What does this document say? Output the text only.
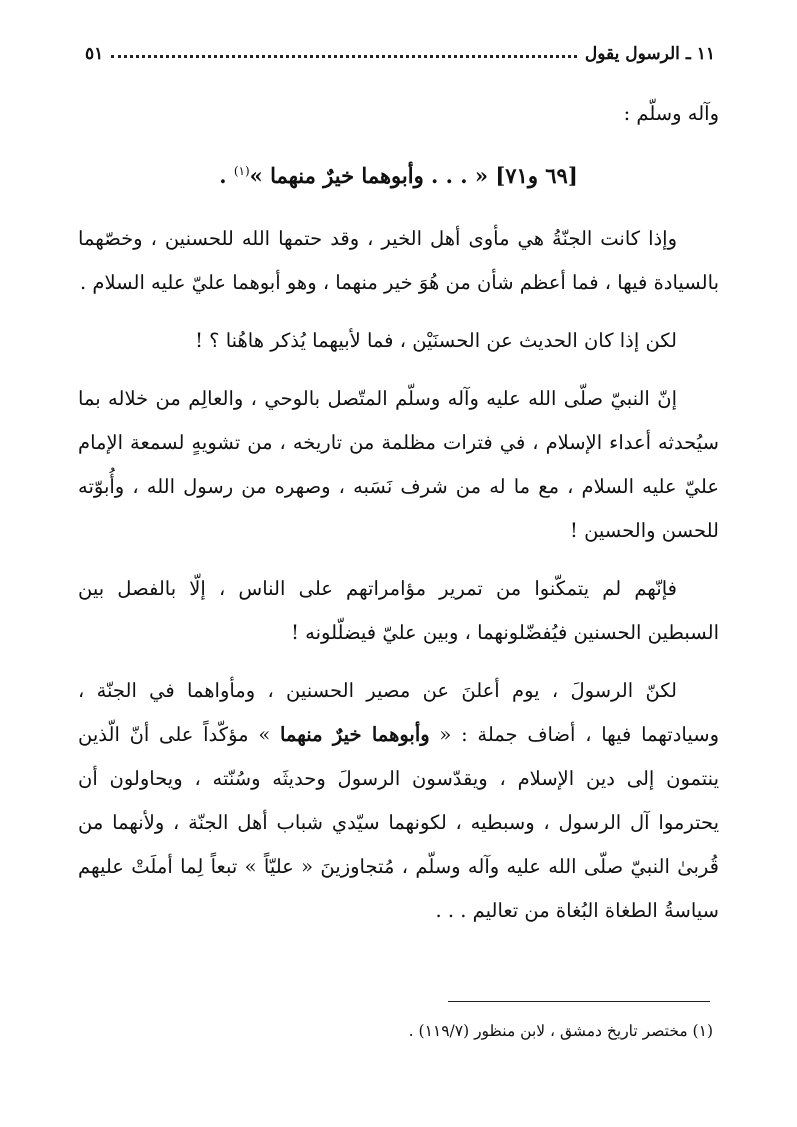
١١ ـ الرسول يقول
٥١

وآله وسلّم :

[٦٩ و٧١] « . . . وأبوهما خيرٌ منهما »$^{(١)}$ .

وإذا كانت الجنّةُ هي مأوى أهل الخير ، وقد حتمها الله للحسنين ، وخصّهما بالسيادة فيها ، فما أعظم شأن من هُوَ خير منهما ، وهو أبوهما عليّ عليه السلام .

لكن إذا كان الحديث عن الحسنَيْن ، فما لأبيهما يُذكر هاهُنا ؟ !

إنّ النبيّ صلّى الله عليه وآله وسلّم المتّصل بالوحي ، والعالِم من خلاله بما سيُحدثه أعداء الإسلام ، في فترات مظلمة من تاريخه ، من تشويهٍ لسمعة الإمام عليّ عليه السلام ، مع ما له من شرف نَسَبه ، وصهره من رسول الله ، وأُبوّته للحسن والحسين !

فإنّهم لم يتمكّنوا من تمرير مؤامراتهم على الناس ، إلّا بالفصل بين السبطين الحسنين فيُفضّلونهما ، وبين عليّ فيضلّلونه !

لكنّ الرسولَ ، يوم أعلنَ عن مصير الحسنين ، ومأواهما في الجنّة ، وسيادتهما فيها ، أضاف جملة : « وأبوهما خيرٌ منهما » مؤكّداً على أنّ الّذين ينتمون إلى دين الإسلام ، ويقدّسون الرسولَ وحديثَه وسُنّته ، ويحاولون أن يحترموا آل الرسول ، وسبطيه ، لكونهما سيّدي شباب أهل الجنّة ، ولأنهما من قُربىٰ النبيّ صلّى الله عليه وآله وسلّم ، مُتجاوزينَ « عليّاً » تبعاً لِما أملَتْ عليهم سياسةُ الطغاة البُغاة من تعاليم . . .

(١) مختصر تاريخ دمشق ، لابن منظور (١١٩/٧) .
